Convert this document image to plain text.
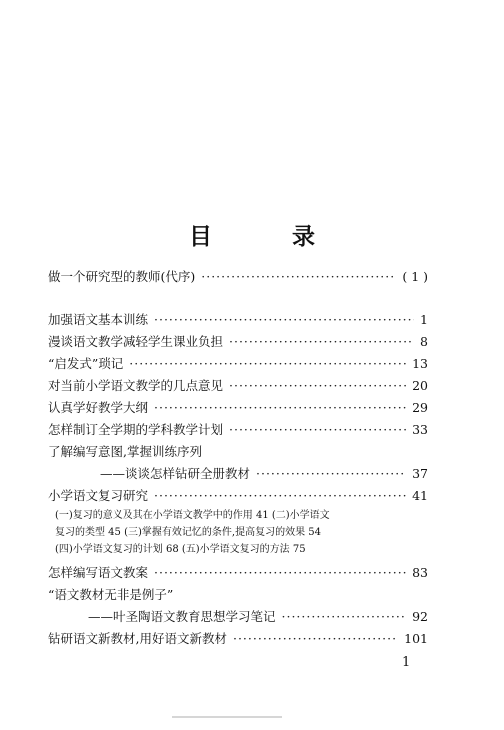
目 录
做一个研究型的教师(代序) ·····	( 1 )
加强语文基本训练 ·····	1
漫谈语文教学减轻学生课业负担 ·····	8
“启发式”琐记 ·····	13
对当前小学语文教学的几点意见 ·····	20
认真学好教学大纲 ·····	29
怎样制订全学期的学科教学计划 ·····	33
了解编写意图,掌握训练序列
——谈谈怎样钻研全册教材 ·····	37
小学语文复习研究 ·····	41
(一)复习的意义及其在小学语文教学中的作用 41 (二)小学语文
复习的类型 45 (三)掌握有效记忆的条件,提高复习的效果 54
(四)小学语文复习的计划 68 (五)小学语文复习的方法 75
怎样编写语文教案 ·····	83
“语文教材无非是例子”
——叶圣陶语文教育思想学习笔记 ·····	92
钻研语文新教材,用好语文新教材 ·····	101
1
